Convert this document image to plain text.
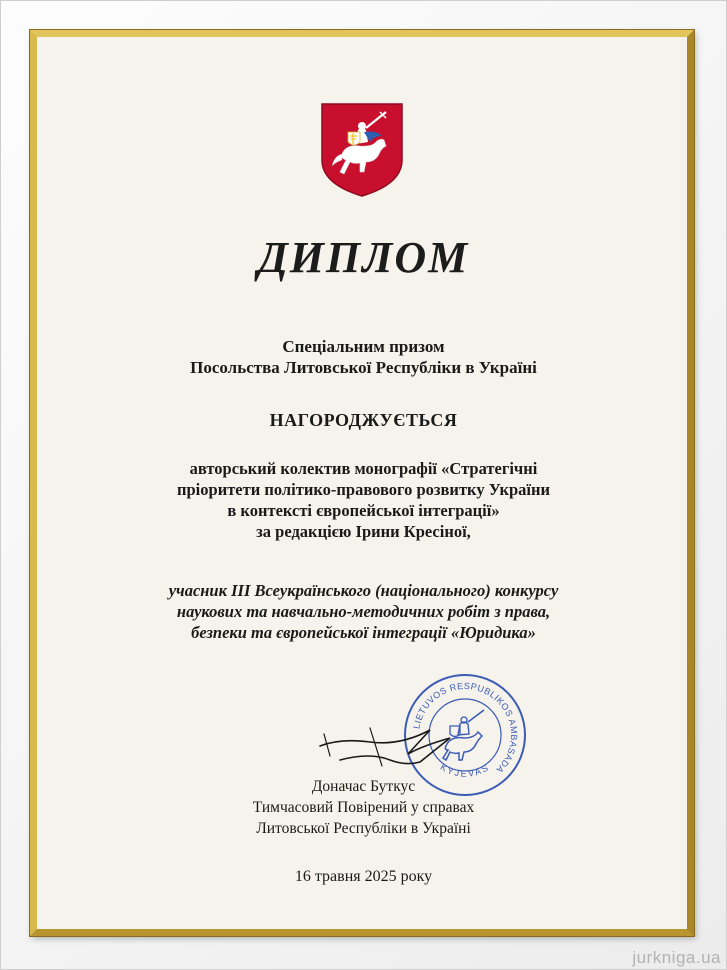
ДИПЛОМ
Спеціальним призом
Посольства Литовської Республіки в Україні
НАГОРОДЖУЄТЬСЯ
авторський колектив монографії «Стратегічні
пріоритети політико-правового розвитку України
в контексті європейської інтеграції»
за редакцією Ірини Кресіної,
учасник ІІІ Всеукраїнського (національного) конкурсу
наукових та навчально-методичних робіт з права,
безпеки та європейської інтеграції «Юридика»
LIETUVOS RESPUBLIKOS AMBASADA
KYJEVAS
Доначас Буткус
Тимчасовий Повірений у справах
Литовської Республіки в Україні
16 травня 2025 року
jurkniga.ua
